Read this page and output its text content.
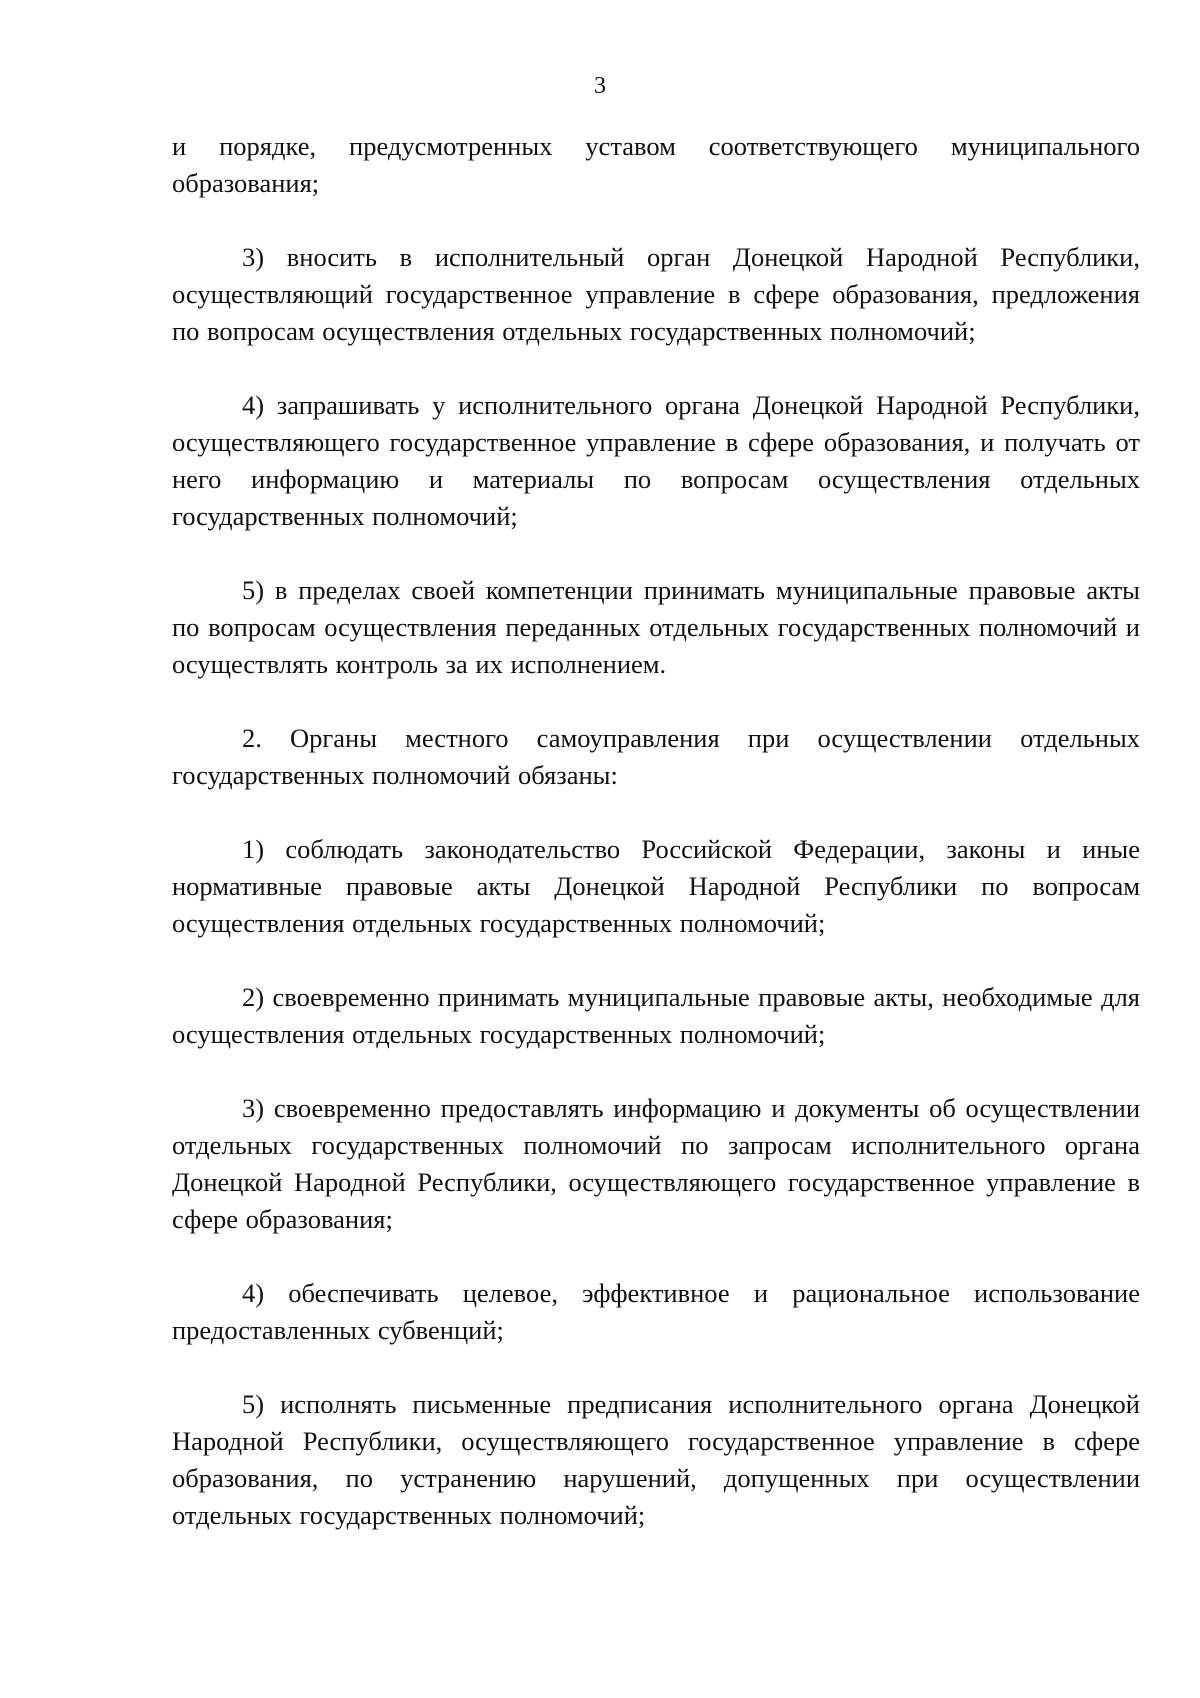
3

и порядке, предусмотренных уставом соответствующего муниципального образования;

3) вносить в исполнительный орган Донецкой Народной Республики, осуществляющий государственное управление в сфере образования, предложения по вопросам осуществления отдельных государственных полномочий;

4) запрашивать у исполнительного органа Донецкой Народной Республики, осуществляющего государственное управление в сфере образования, и получать от него информацию и материалы по вопросам осуществления отдельных государственных полномочий;

5) в пределах своей компетенции принимать муниципальные правовые акты по вопросам осуществления переданных отдельных государственных полномочий и осуществлять контроль за их исполнением.

2. Органы местного самоуправления при осуществлении отдельных государственных полномочий обязаны:

1) соблюдать законодательство Российской Федерации, законы и иные нормативные правовые акты Донецкой Народной Республики по вопросам осуществления отдельных государственных полномочий;

2) своевременно принимать муниципальные правовые акты, необходимые для осуществления отдельных государственных полномочий;

3) своевременно предоставлять информацию и документы об осуществлении отдельных государственных полномочий по запросам исполнительного органа Донецкой Народной Республики, осуществляющего государственное управление в сфере образования;

4) обеспечивать целевое, эффективное и рациональное использование предоставленных субвенций;

5) исполнять письменные предписания исполнительного органа Донецкой Народной Республики, осуществляющего государственное управление в сфере образования, по устранению нарушений, допущенных при осуществлении отдельных государственных полномочий;
